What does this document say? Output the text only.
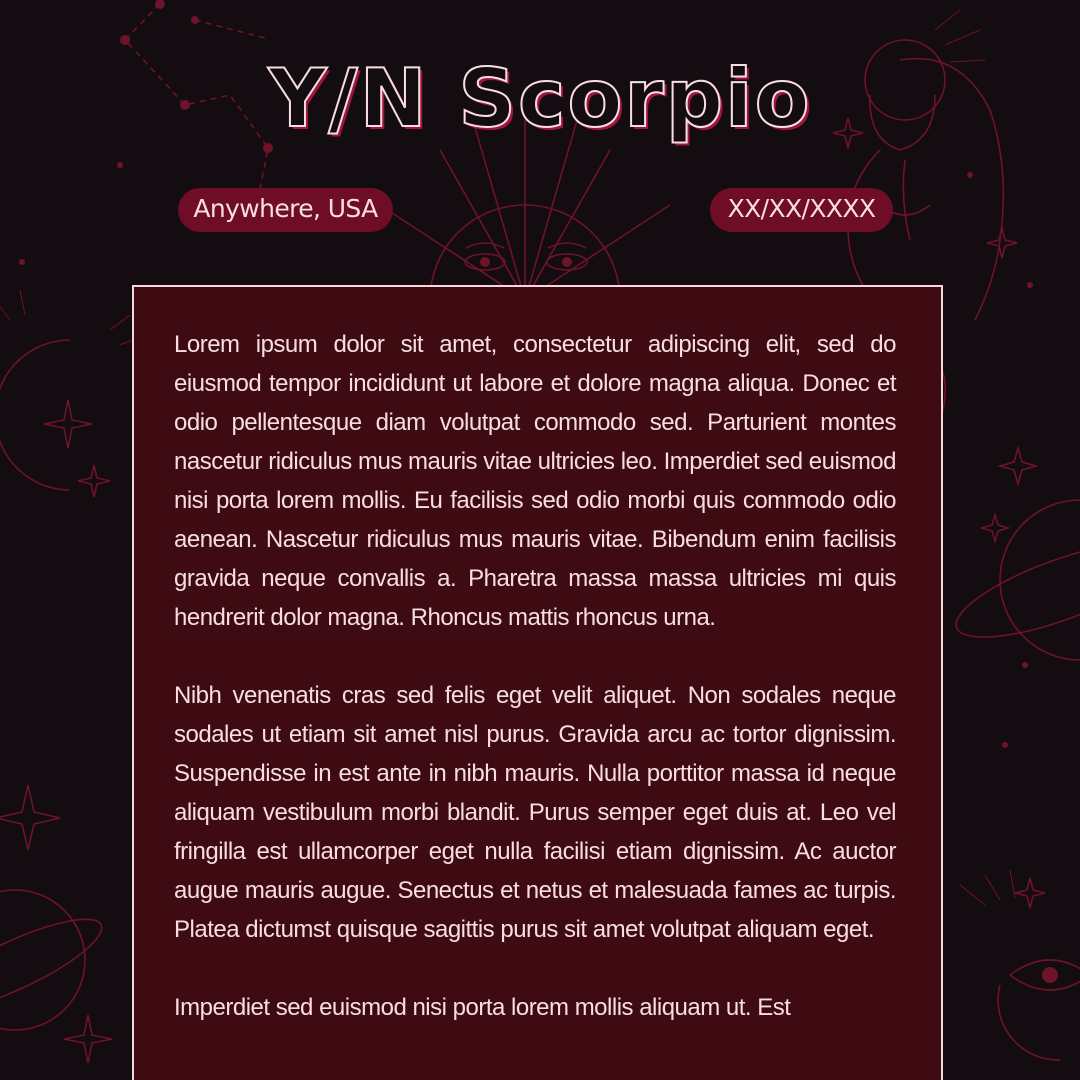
Y/N Scorpio
Anywhere, USA	XX/XX/XXXX

Lorem ipsum dolor sit amet, consectetur adipiscing elit, sed do eiusmod tempor incididunt ut labore et dolore magna aliqua. Donec et odio pellentesque diam volutpat commodo sed. Parturient montes nascetur ridiculus mus mauris vitae ultricies leo. Imperdiet sed euismod nisi porta lorem mollis. Eu facilisis sed odio morbi quis commodo odio aenean. Nascetur ridiculus mus mauris vitae. Bibendum enim facilisis gravida neque convallis a. Pharetra massa massa ultricies mi quis hendrerit dolor magna. Rhoncus mattis rhoncus urna.

Nibh venenatis cras sed felis eget velit aliquet. Non sodales neque sodales ut etiam sit amet nisl purus. Gravida arcu ac tortor dignissim. Suspendisse in est ante in nibh mauris. Nulla porttitor massa id neque aliquam vestibulum morbi blandit. Purus semper eget duis at. Leo vel fringilla est ullamcorper eget nulla facilisi etiam dignissim. Ac auctor augue mauris augue. Senectus et netus et malesuada fames ac turpis. Platea dictumst quisque sagittis purus sit amet volutpat aliquam eget.

Imperdiet sed euismod nisi porta lorem mollis aliquam ut. Est
